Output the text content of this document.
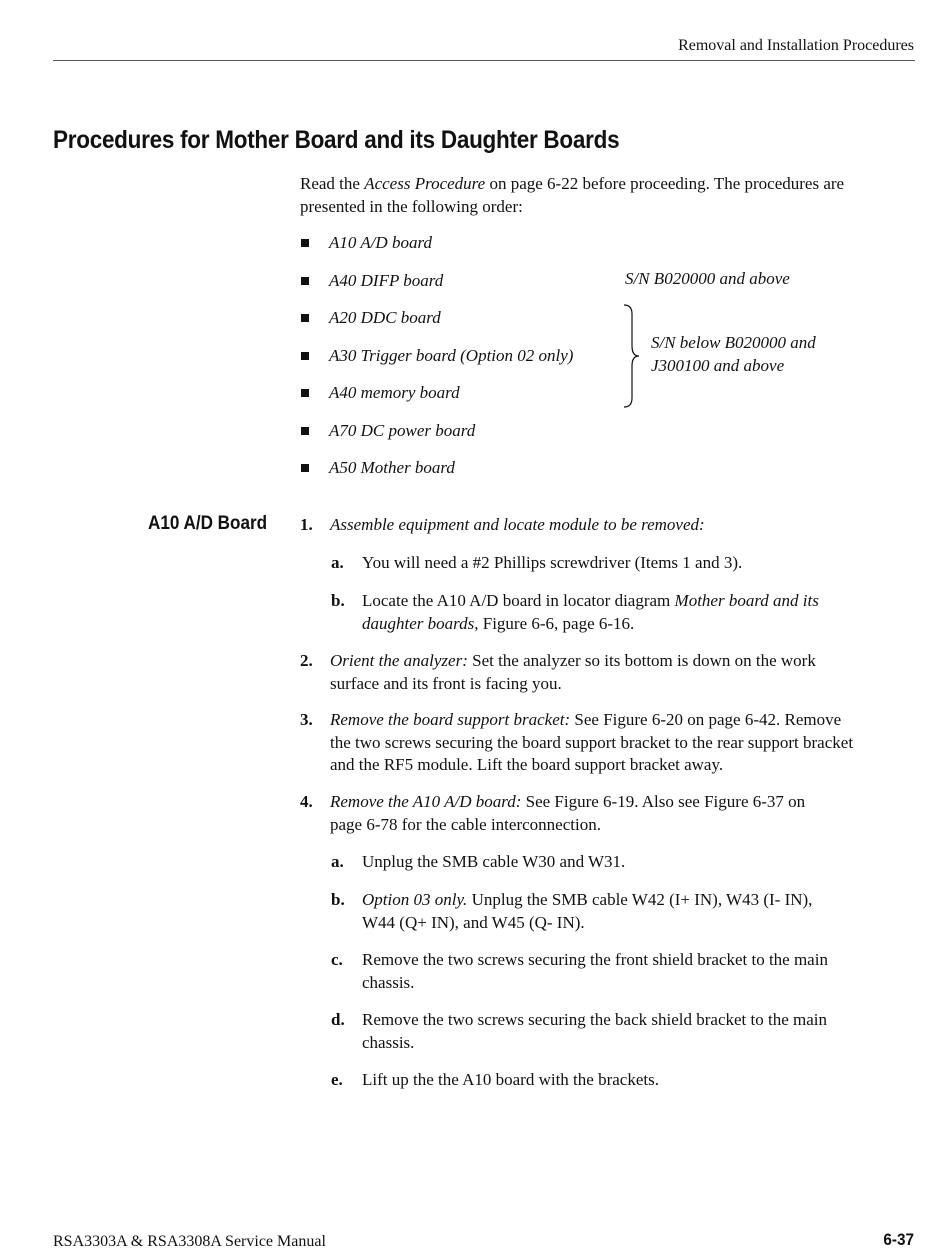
Removal and Installation Procedures
Procedures for Mother Board and its Daughter Boards
Read the Access Procedure on page 6-22 before proceeding. The procedures are
presented in the following order:
A10 A/D board
A40 DIFP board
A20 DDC board
A30 Trigger board (Option 02 only)
A40 memory board
A70 DC power board
A50 Mother board
S/N B020000 and above
S/N below B020000 and
J300100 and above
A10 A/D Board 1. Assemble equipment and locate module to be removed:
a. You will need a #2 Phillips screwdriver (Items 1 and 3).
b. Locate the A10 A/D board in locator diagram Mother board and its
daughter boards, Figure 6-6, page 6-16.
2. Orient the analyzer: Set the analyzer so its bottom is down on the work
surface and its front is facing you.
3. Remove the board support bracket: See Figure 6-20 on page 6-42. Remove
the two screws securing the board support bracket to the rear support bracket
and the RF5 module. Lift the board support bracket away.
4. Remove the A10 A/D board: See Figure 6-19. Also see Figure 6-37 on
page 6-78 for the cable interconnection.
a. Unplug the SMB cable W30 and W31.
b. Option 03 only. Unplug the SMB cable W42 (I+ IN), W43 (I- IN),
W44 (Q+ IN), and W45 (Q- IN).
c. Remove the two screws securing the front shield bracket to the main
chassis.
d. Remove the two screws securing the back shield bracket to the main
chassis.
e. Lift up the the A10 board with the brackets.
RSA3303A & RSA3308A Service Manual	6-37
